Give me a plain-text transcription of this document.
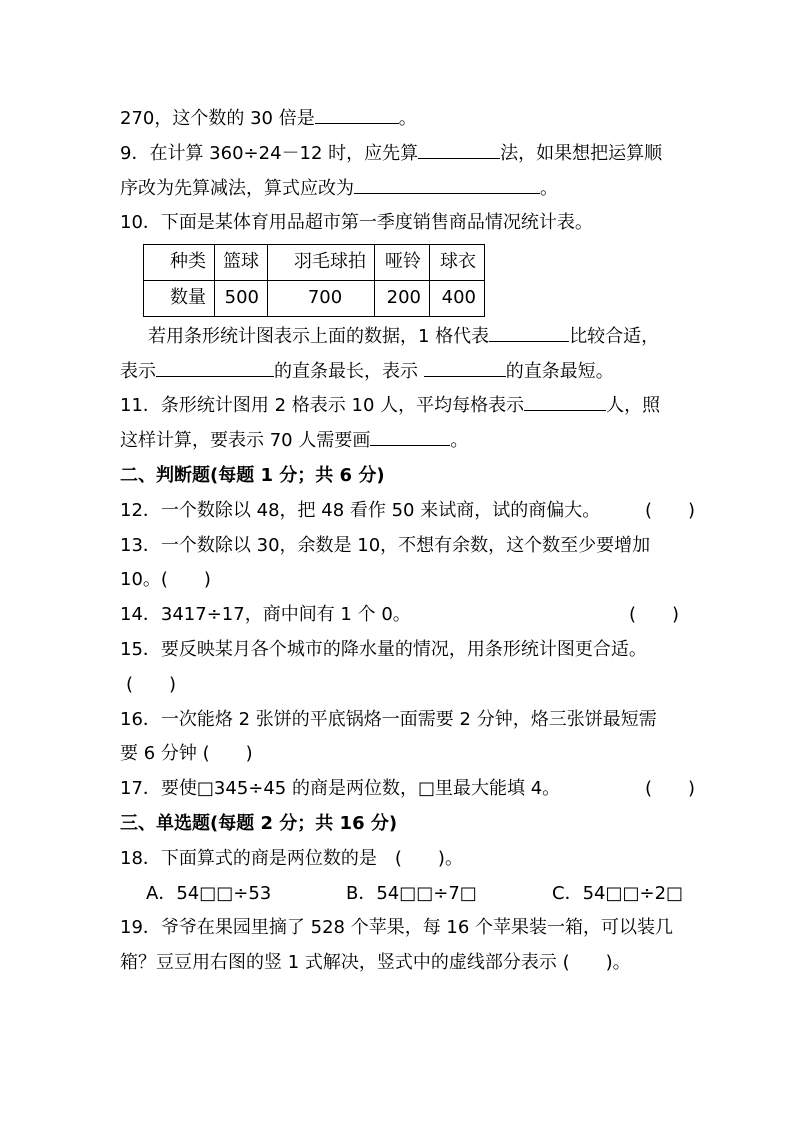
270，这个数的 30 倍是	。
9．在计算 360÷24－12 时，应先算	法，如果想把运算顺
序改为先算减法，算式应改为	。
10．下面是某体育用品超市第一季度销售商品情况统计表。
种类	篮球	羽毛球拍	哑铃	球衣
数量	500	700	200	400
若用条形统计图表示上面的数据，1 格代表	比较合适，
表示	的直条最长，表示	的直条最短。
11．条形统计图用 2 格表示 10 人，平均每格表示	人，照
这样计算，要表示 70 人需要画	。
二、判断题(每题 1 分；共 6 分)
12．一个数除以 48，把 48 看作 50 来试商，试的商偏大。 (　　)
13．一个数除以 30，余数是 10，不想有余数，这个数至少要增加
10。(　　)
14．3417÷17，商中间有 1 个 0。	(　　)
15．要反映某月各个城市的降水量的情况，用条形统计图更合适。
(　　)
16．一次能烙 2 张饼的平底锅烙一面需要 2 分钟，烙三张饼最短需
要 6 分钟 (　　)
17．要使□345÷45 的商是两位数，□里最大能填 4。	(　　)
三、单选题(每题 2 分；共 16 分)
18．下面算式的商是两位数的是　(　　)。
A．54□□÷53	B．54□□÷7□	C．54□□÷2□
19．爷爷在果园里摘了 528 个苹果，每 16 个苹果装一箱，可以装几
箱？豆豆用右图的竖 1 式解决，竖式中的虚线部分表示 (　　)。
